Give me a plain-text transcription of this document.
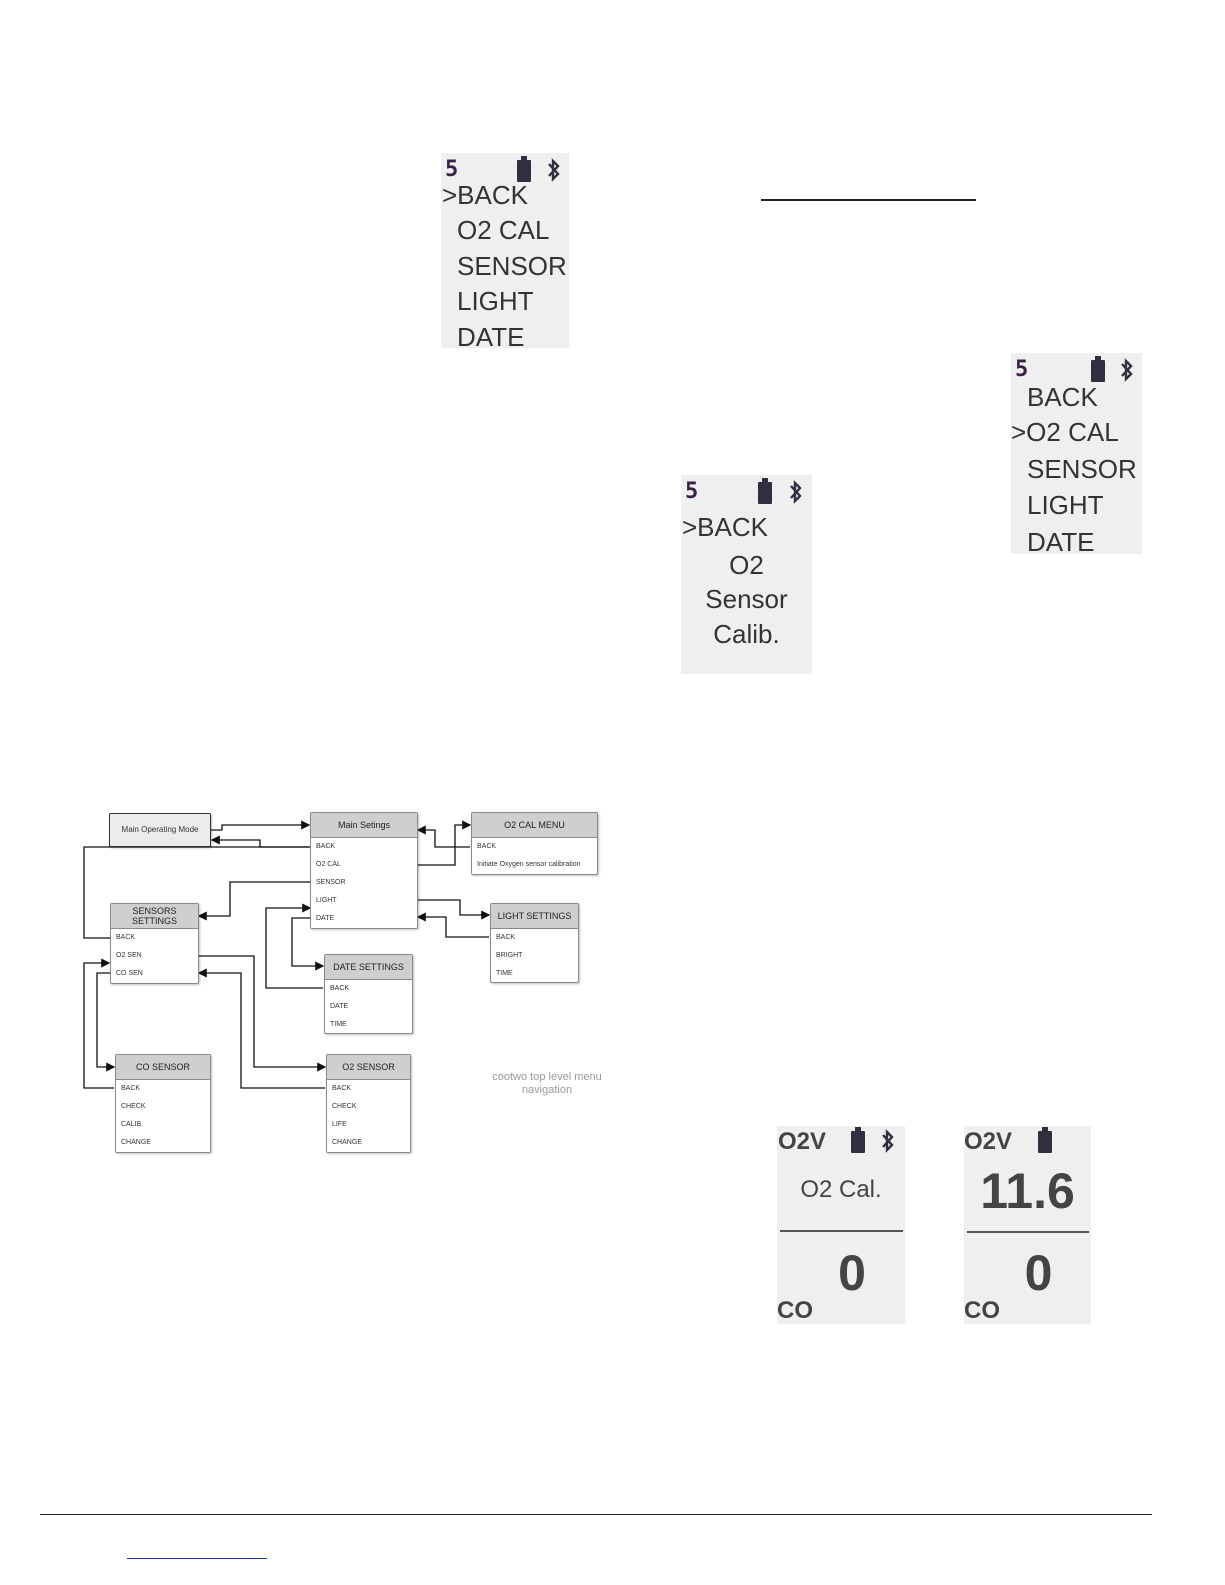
5
>BACK
O2 CAL
SENSOR
LIGHT
DATE
5
BACK
>O2 CAL
SENSOR
LIGHT
DATE
5
>BACK
O2
Sensor
Calib.
O2V
O2 Cal.
0
CO
O2V
11.6
0
CO
Main Operating Mode	Main Setings
BACK
O2 CAL
SENSOR
LIGHT
DATE
O2 CAL MENU
BACK
Initiate Oxygen sensor calibration
SENSORS
SETTINGS
BACK
O2 SEN
CO SEN
LIGHT SETTINGS
BACK
BRIGHT
TIME
DATE SETTINGS
BACK
DATE
TIME
CO SENSOR
BACK
CHECK
CALIB.
CHANGE
O2 SENSOR
BACK
CHECK
LIFE
CHANGE
cootwo top level menu
navigation
